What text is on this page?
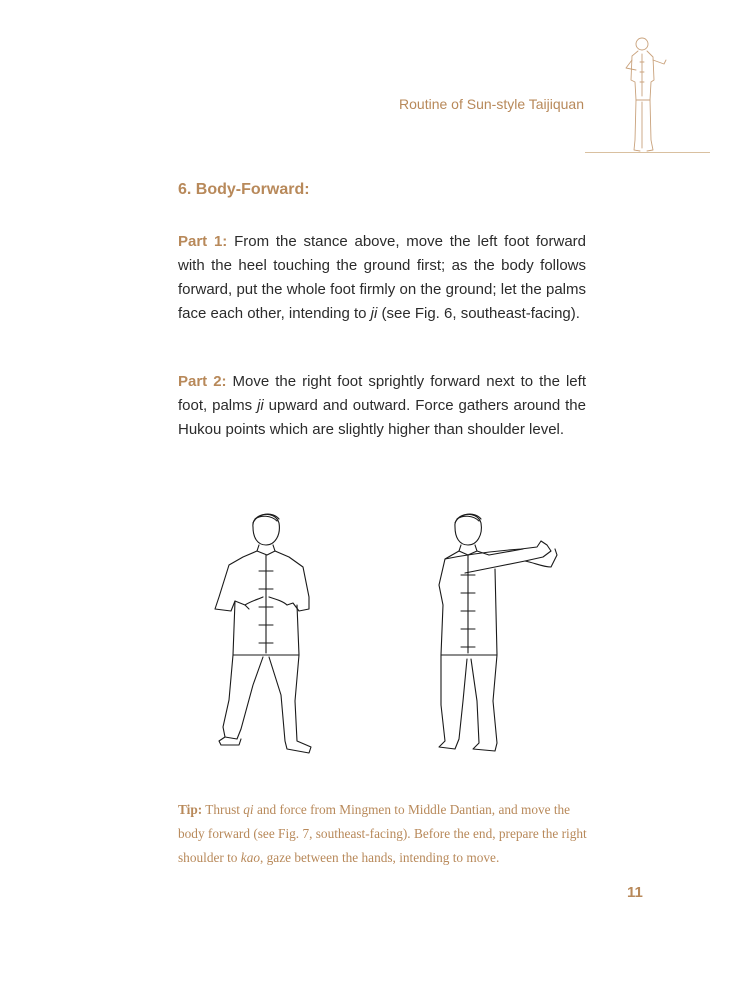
Routine of Sun-style Taijiquan
6. Body-Forward:

Part 1: From the stance above, move the left foot forward with the heel touching the ground first; as the body follows forward, put the whole foot firmly on the ground; let the palms face each other, intending to ji (see Fig. 6, southeast-facing).

Part 2: Move the right foot sprightly forward next to the left foot, palms ji upward and outward. Force gathers around the Hukou points which are slightly higher than shoulder level.

Tip: Thrust qi and force from Mingmen to Middle Dantian, and move the body forward (see Fig. 7, southeast-facing). Before the end, prepare the right shoulder to kao, gaze between the hands, intending to move.

11
